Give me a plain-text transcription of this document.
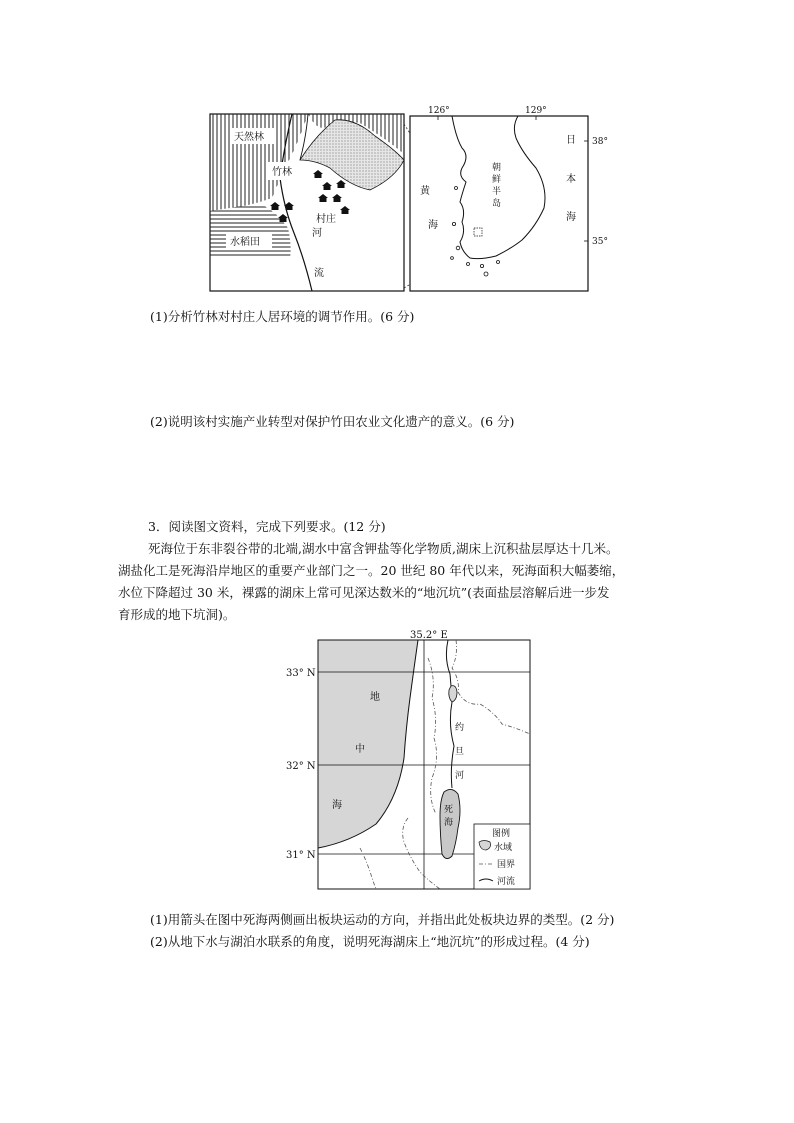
天然林
竹林
村庄
河
流
水稻田
126°	129°
38°
35°
黄
海
朝
鲜
半
岛
日
本
海
(1)分析竹林对村庄人居环境的调节作用。(6 分)
(2)说明该村实施产业转型对保护竹田农业文化遗产的意义。(6 分)
3．阅读图文资料，完成下列要求。(12 分)
死海位于东非裂谷带的北端,湖水中富含钾盐等化学物质,湖床上沉积盐层厚达十几米。
湖盐化工是死海沿岸地区的重要产业部门之一。20 世纪 80 年代以来，死海面积大幅萎缩，
水位下降超过 30 米，裸露的湖床上常可见深达数米的“地沉坑”(表面盐层溶解后进一步发
育形成的地下坑洞)。
图例
水域
国界
河流
35.2° E
33° N
32° N
31° N
地
中
海
约
旦
河
死
海
(1)用箭头在图中死海两侧画出板块运动的方向，并指出此处板块边界的类型。(2 分)
(2)从地下水与湖泊水联系的角度，说明死海湖床上“地沉坑”的形成过程。(4 分)
